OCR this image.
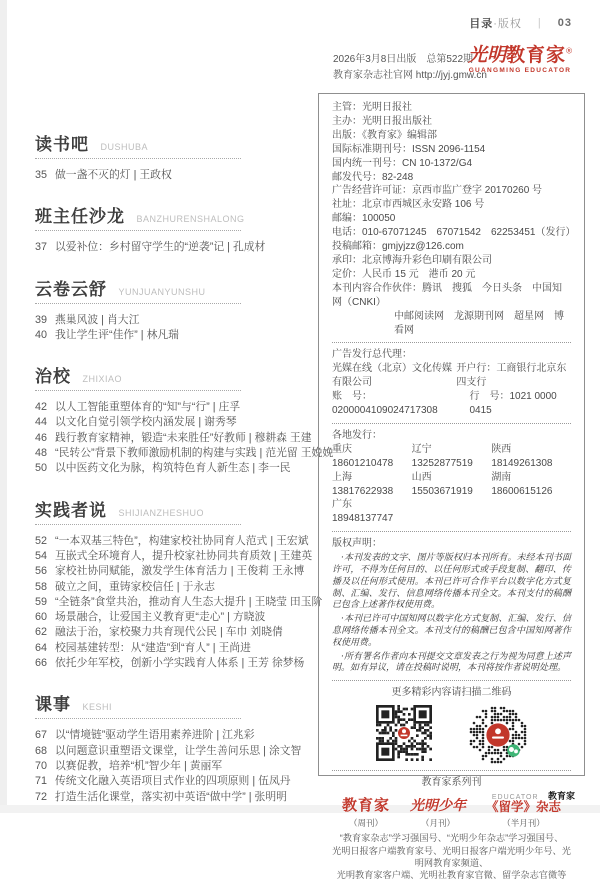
目录·版权 | 03
2026年3月8日出版　总第522期
教育家杂志社官网 http://jyj.gmw.cn
光明教育家®
GUANGMING EDUCATOR
读书吧 DUSHUBA
35 做一盏不灭的灯 | 王政权
班主任沙龙 BANZHURENSHALONG
37 以爱补位：乡村留守学生的“逆袭”记 | 孔成材
云卷云舒 YUNJUANYUNSHU
39 燕巢风波 | 肖大江
40 我让学生评“佳作” | 林凡瑞
治校 ZHIXIAO
42 以人工智能重塑体育的“知”与“行” | 庄孚
44 以文化自觉引领学校内涵发展 | 谢秀琴
46 践行教育家精神，锻造“未来胜任”好教师 | 穆耕森 王建
48 “民转公”背景下教师激励机制的构建与实践 | 范光留 王娩娩
50 以中医药文化为脉，构筑特色育人新生态 | 李一民
实践者说 SHIJIANZHESHUO
52 “一本双基三特色”，构建家校社协同育人范式 | 王宏斌
54 互嵌式全环境育人，提升校家社协同共育质效 | 王建英
56 家校社协同赋能，激发学生体育活力 | 王俊莉 王永博
58 破立之间，重铸家校信任 | 于永志
59 “全链条”食堂共治，推动育人生态大提升 | 王晓莹 田玉阶
60 场景融合，让爱国主义教育更“走心” | 方晓波
62 融法于治，家校聚力共育现代公民 | 车巾 刘晓倩
64 校园基建转型：从“建造”到“育人” | 王尚进
66 依托少年军校，创新小学实践育人体系 | 王芳 徐梦杨
课事 KESHI
67 以“情境链”驱动学生语用素养进阶 | 江兆彩
68 以问题意识重塑语文课堂，让学生善问乐思 | 涂文智
70 以赛促教，培养“机”智少年 | 黄丽军
71 传统文化融入英语项目式作业的四项原则 | 伍凤丹
72 打造生活化课堂，落实初中英语“做中学” | 张明明
主管：光明日报社
主办：光明日报出版社
出版：《教育家》编辑部
国际标准期刊号：ISSN 2096-1154
国内统一刊号：CN 10-1372/G4
邮发代号：82-248
广告经营许可证：京西市监广登字 20170260 号
社址：北京市西城区永安路 106 号
邮编：100050
电话：010-67071245　67071542　62253451（发行）
投稿邮箱：gmjyjzz@126.com
承印：北京博海升彩色印刷有限公司
定价：人民币 15 元　港币 20 元
本刊内容合作伙伴：腾讯　搜狐　今日头条　中国知网（CNKI）
中邮阅读网　龙源期刊网　超星网　博看网
广告发行总代理：
光媒在线（北京）文化传媒有限公司
开户行：工商银行北京东四支行
账　号：0200004109024717308
行　号：1021 0000 0415
各地发行：
重庆 18601210478
辽宁 13252877519
陕西 18149261308
上海 13817622938
山西 15503671919
湖南 18600615126
广东 18948137747
版权声明：

·本刊发表的文字、图片等版权归本刊所有。未经本刊书面许可，不得为任何目的、以任何形式或手段复制、翻印、传播及以任何形式使用。本刊已许可合作平台以数字化方式复制、汇编、发行、信息网络传播本刊全文。本刊支付的稿酬已包含上述著作权使用费。

·本刊已许可中国知网以数字化方式复制、汇编、发行、信息网络传播本刊全文。本刊支付的稿酬已包含中国知网著作权使用费。

·所有署名作者向本刊提交文章发表之行为视为同意上述声明。如有异议，请在投稿时说明，本刊将按作者说明处理。

更多精彩内容请扫描二维码
教育家系列刊
教育家
（周刊）
光明少年
（月刊）
《留学》杂志
（半月刊）
“教育家杂志”学习强国号、“光明少年杂志”学习强国号、
光明日报客户端教育家号、光明日报客户端光明少年号、光明网教育家频道、
光明教育家客户端、光明社教育家官微、留学杂志官微等
EDUCATOR 教育家
